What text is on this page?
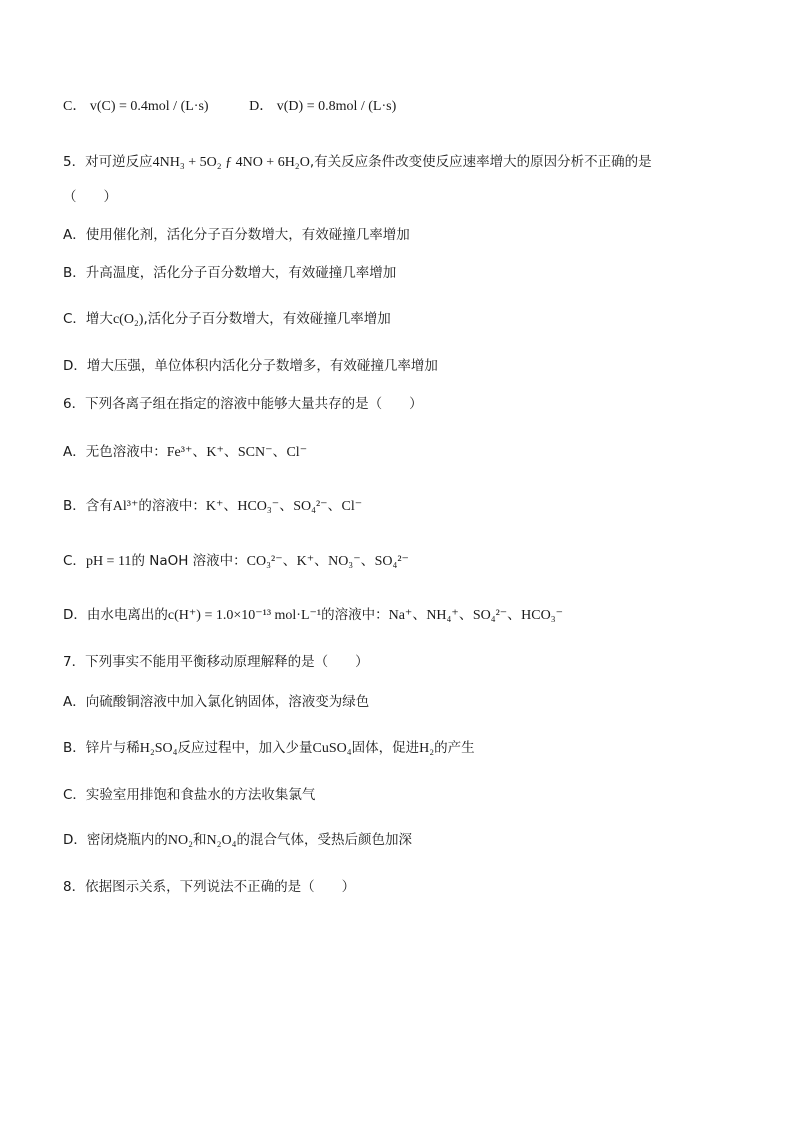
C． v(C) = 0.4mol / (L·s)	D． v(D) = 0.8mol / (L·s)
5．对可逆反应4NH₃ + 5O₂ ƒ 4NO + 6H₂O,有关反应条件改变使反应速率增大的原因分析不正确的是
（　　）
A．使用催化剂，活化分子百分数增大，有效碰撞几率增加
B．升高温度，活化分子百分数增大，有效碰撞几率增加
C．增大c(O₂),活化分子百分数增大，有效碰撞几率增加
D．增大压强，单位体积内活化分子数增多，有效碰撞几率增加
6．下列各离子组在指定的溶液中能够大量共存的是（　　）
A．无色溶液中：Fe³⁺、K⁺、SCN⁻、Cl⁻
B．含有Al³⁺的溶液中：K⁺、HCO₃⁻、SO₄²⁻、Cl⁻
C．pH = 11的 NaOH 溶液中：CO₃²⁻、K⁺、NO₃⁻、SO₄²⁻
D．由水电离出的c(H⁺) = 1.0×10⁻¹³ mol·L⁻¹的溶液中：Na⁺、NH₄⁺、SO₄²⁻、HCO₃⁻
7．下列事实不能用平衡移动原理解释的是（　　）
A．向硫酸铜溶液中加入氯化钠固体，溶液变为绿色
B．锌片与稀H₂SO₄反应过程中，加入少量CuSO₄固体，促进H₂的产生
C．实验室用排饱和食盐水的方法收集氯气
D．密闭烧瓶内的NO₂和N₂O₄的混合气体，受热后颜色加深
8．依据图示关系，下列说法不正确的是（　　）
